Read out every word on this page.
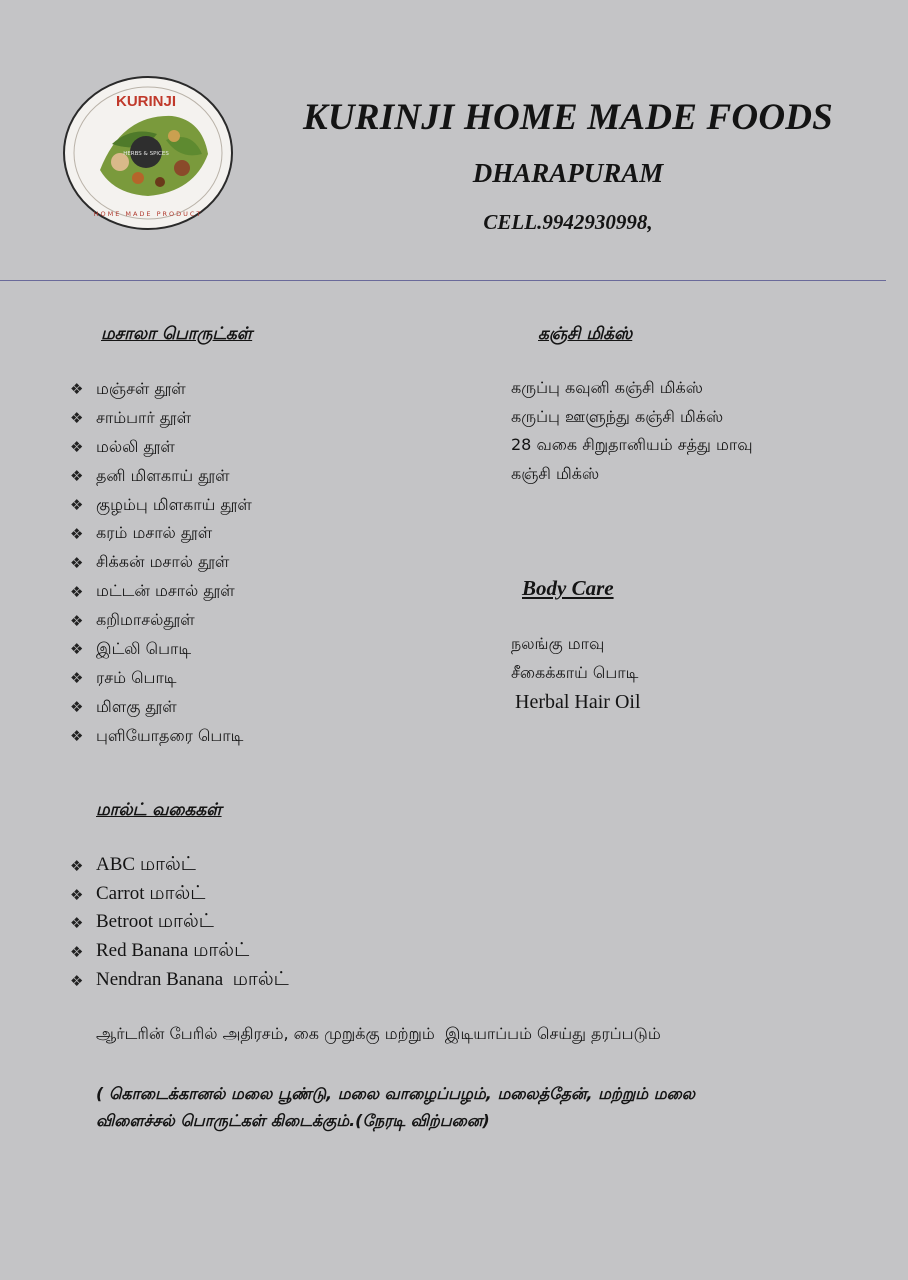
HERBS & SPICES
KURINJI
HOME MADE PRODUCT
KURINJI HOME MADE FOODS
DHARAPURAM
CELL.9942930998,
மசாலா பொருட்கள்
❖ மஞ்சள் தூள்
❖ சாம்பார் தூள்
❖ மல்லி தூள்
❖ தனி மிளகாய் தூள்
❖ குழம்பு மிளகாய் தூள்
❖ கரம் மசால் தூள்
❖ சிக்கன் மசால் தூள்
❖ மட்டன் மசால் தூள்
❖ கறிமாசல்தூள்
❖ இட்லி பொடி
❖ ரசம் பொடி
❖ மிளகு தூள்
❖ புளியோதரை பொடி
கஞ்சி மிக்ஸ்
கருப்பு கவுனி கஞ்சி மிக்ஸ்
கருப்பு ஊளுந்து கஞ்சி மிக்ஸ்
28 வகை சிறுதானியம் சத்து மாவு
கஞ்சி மிக்ஸ்
Body Care
நலங்கு மாவு
சீகைக்காய் பொடி
Herbal Hair Oil
மால்ட் வகைகள்
❖ ABC மால்ட்
❖ Carrot மால்ட்
❖ Betroot மால்ட்
❖ Red Banana மால்ட்
❖ Nendran Banana  மால்ட்
ஆர்டரின் பேரில் அதிரசம், கை முறுக்கு மற்றும்  இடியாப்பம் செய்து தரப்படும்
( கொடைக்கானல் மலை பூண்டு, மலை வாழைப்பழம், மலைத்தேன், மற்றும் மலை
விளைச்சல் பொருட்கள் கிடைக்கும்.(நேரடி விற்பனை)
